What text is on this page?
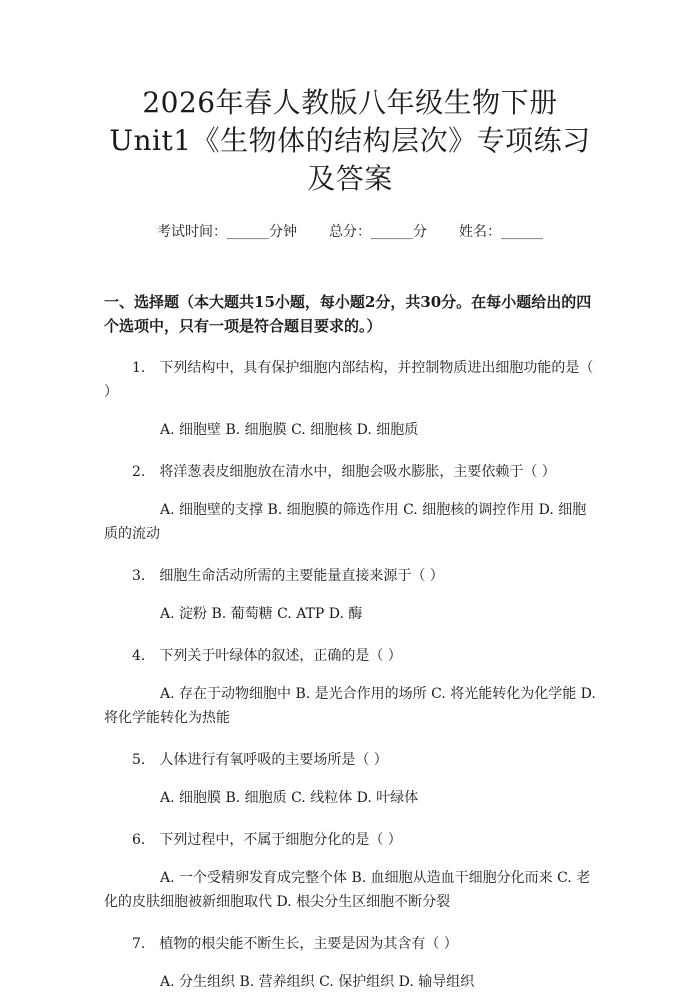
2026年春人教版八年级生物下册Unit1《生物体的结构层次》专项练习及答案
考试时间：______分钟 总分：______分 姓名：______
一、选择题（本大题共15小题，每小题2分，共30分。在每小题给出的四个选项中，只有一项是符合题目要求的。）
1.　下列结构中，具有保护细胞内部结构，并控制物质进出细胞功能的是（ ）
A. 细胞壁 B. 细胞膜 C. 细胞核 D. 细胞质
2.　将洋葱表皮细胞放在清水中，细胞会吸水膨胀，主要依赖于（ ）
A. 细胞壁的支撑 B. 细胞膜的筛选作用 C. 细胞核的调控作用 D. 细胞质的流动
3.　细胞生命活动所需的主要能量直接来源于（ ）
A. 淀粉 B. 葡萄糖 C. ATP D. 酶
4.　下列关于叶绿体的叙述，正确的是（ ）
A. 存在于动物细胞中 B. 是光合作用的场所 C. 将光能转化为化学能 D. 将化学能转化为热能
5.　人体进行有氧呼吸的主要场所是（ ）
A. 细胞膜 B. 细胞质 C. 线粒体 D. 叶绿体
6.　下列过程中，不属于细胞分化的是（ ）
A. 一个受精卵发育成完整个体 B. 血细胞从造血干细胞分化而来 C. 老化的皮肤细胞被新细胞取代 D. 根尖分生区细胞不断分裂
7.　植物的根尖能不断生长，主要是因为其含有（ ）
A. 分生组织 B. 营养组织 C. 保护组织 D. 输导组织
